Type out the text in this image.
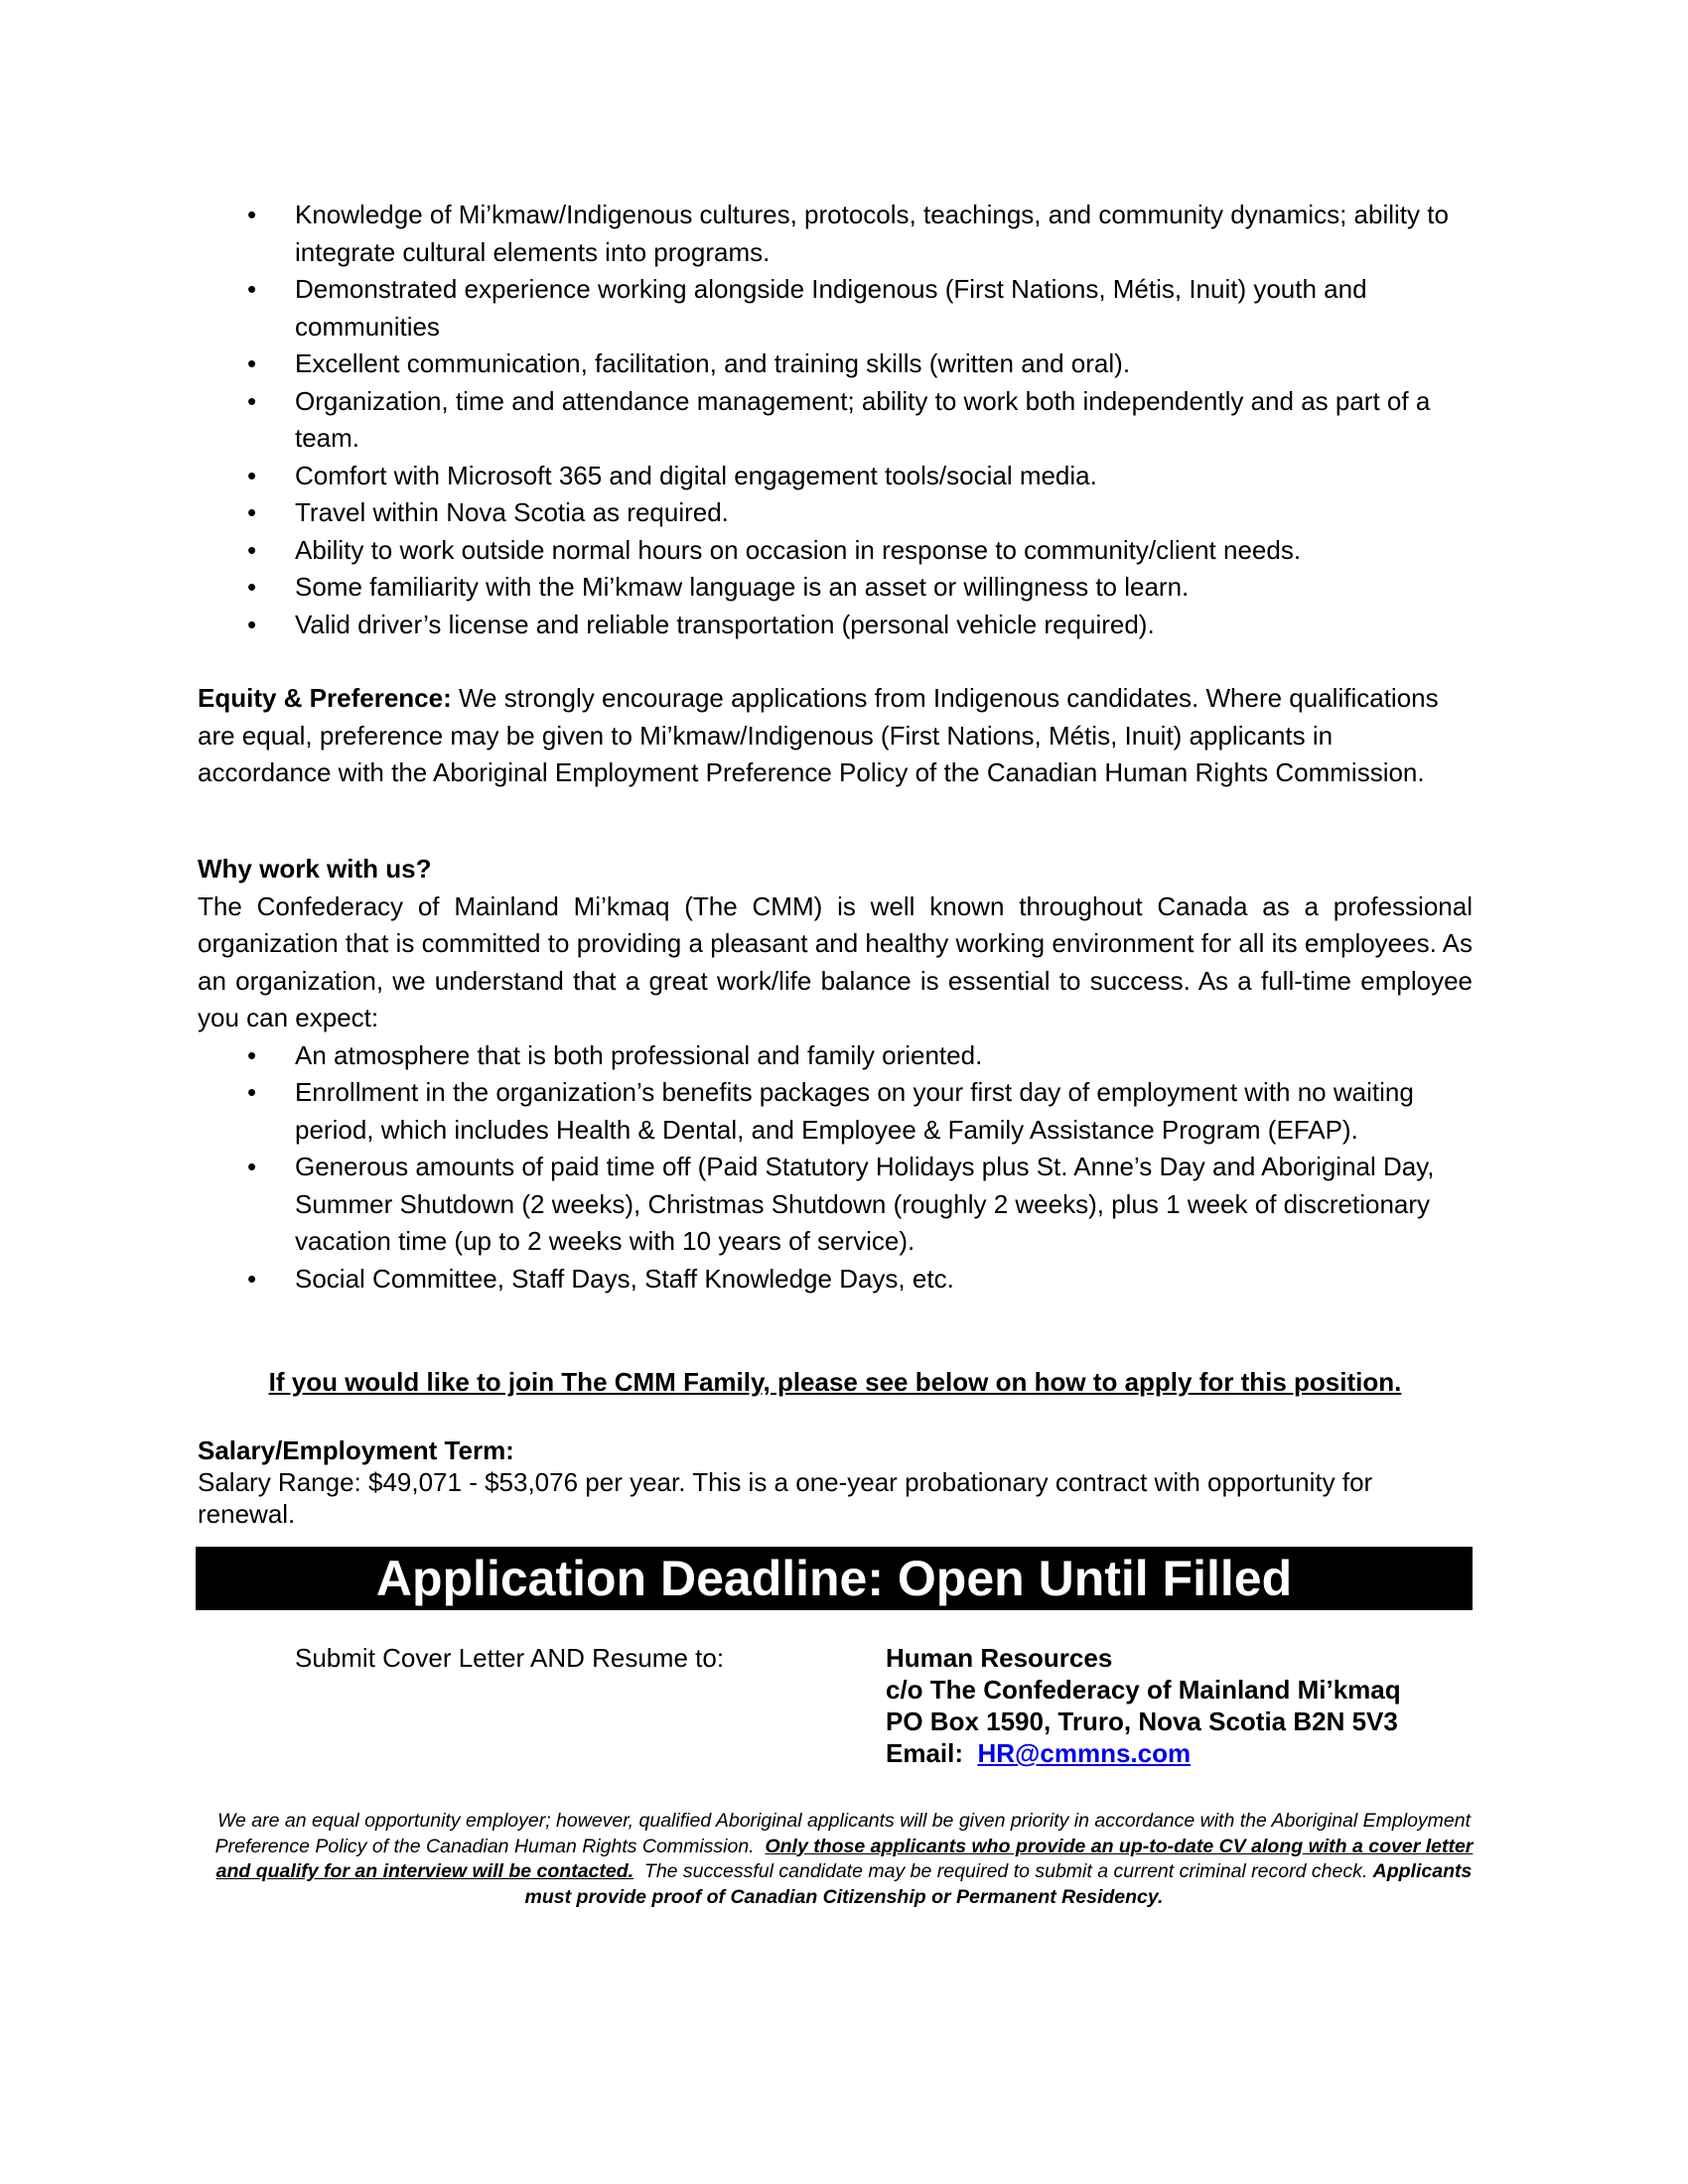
• Knowledge of Mi’kmaw/Indigenous cultures, protocols, teachings, and community dynamics; ability to integrate cultural elements into programs.
• Demonstrated experience working alongside Indigenous (First Nations, Métis, Inuit) youth and communities
• Excellent communication, facilitation, and training skills (written and oral).
• Organization, time and attendance management; ability to work both independently and as part of a team.
• Comfort with Microsoft 365 and digital engagement tools/social media.
• Travel within Nova Scotia as required.
• Ability to work outside normal hours on occasion in response to community/client needs.
• Some familiarity with the Mi’kmaw language is an asset or willingness to learn.
• Valid driver’s license and reliable transportation (personal vehicle required).

Equity & Preference: We strongly encourage applications from Indigenous candidates. Where qualifications are equal, preference may be given to Mi’kmaw/Indigenous (First Nations, Métis, Inuit) applicants in accordance with the Aboriginal Employment Preference Policy of the Canadian Human Rights Commission.

Why work with us?

The Confederacy of Mainland Mi’kmaq (The CMM) is well known throughout Canada as a professional organization that is committed to providing a pleasant and healthy working environment for all its employees. As an organization, we understand that a great work/life balance is essential to success. As a full-time employee you can expect:

• An atmosphere that is both professional and family oriented.
• Enrollment in the organization’s benefits packages on your first day of employment with no waiting period, which includes Health & Dental, and Employee & Family Assistance Program (EFAP).
• Generous amounts of paid time off (Paid Statutory Holidays plus St. Anne’s Day and Aboriginal Day, Summer Shutdown (2 weeks), Christmas Shutdown (roughly 2 weeks), plus 1 week of discretionary vacation time (up to 2 weeks with 10 years of service).
• Social Committee, Staff Days, Staff Knowledge Days, etc.
If you would like to join The CMM Family, please see below on how to apply for this position.

Salary/Employment Term:

Salary Range: $49,071 - $53,076 per year. This is a one-year probationary contract with opportunity for renewal.

Application Deadline: Open Until Filled
Submit Cover Letter AND Resume to:	Human Resources
c/o The Confederacy of Mainland Mi’kmaq
PO Box 1590, Truro, Nova Scotia B2N 5V3
Email: HR@cmmns.com
We are an equal opportunity employer; however, qualified Aboriginal applicants will be given priority in accordance with the Aboriginal Employment Preference Policy of the Canadian Human Rights Commission. Only those applicants who provide an up-to-date CV along with a cover letter and qualify for an interview will be contacted. The successful candidate may be required to submit a current criminal record check. Applicants must provide proof of Canadian Citizenship or Permanent Residency.
